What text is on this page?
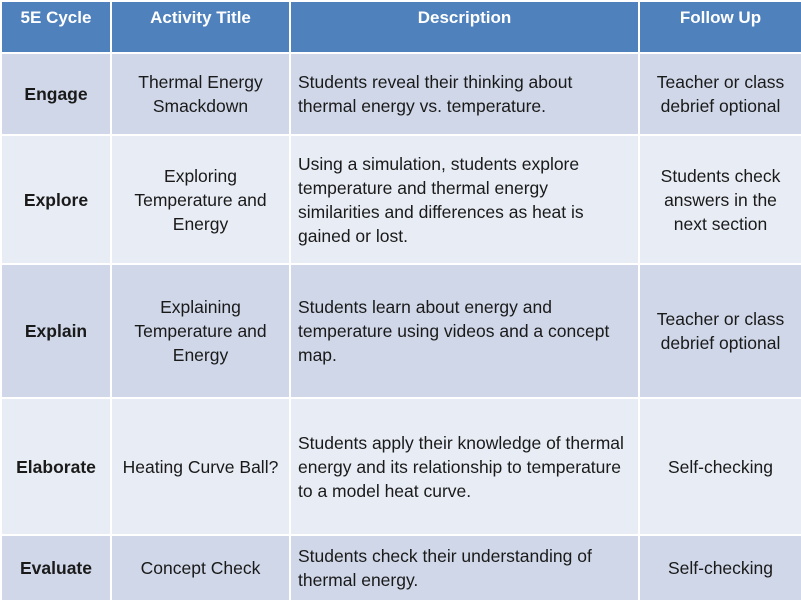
5E Cycle	Activity Title	Description	Follow Up
Engage	Thermal Energy Smackdown	Students reveal their thinking about thermal energy vs. temperature.	Teacher or class debrief optional
Explore	Exploring Temperature and Energy	Using a simulation, students explore temperature and thermal energy similarities and differences as heat is gained or lost.	Students check answers in the next section
Explain	Explaining Temperature and Energy	Students learn about energy and temperature using videos and a concept map.	Teacher or class debrief optional
Elaborate	Heating Curve Ball?	Students apply their knowledge of thermal energy and its relationship to temperature to a model heat curve.	Self-checking
Evaluate	Concept Check	Students check their understanding of thermal energy.	Self-checking
